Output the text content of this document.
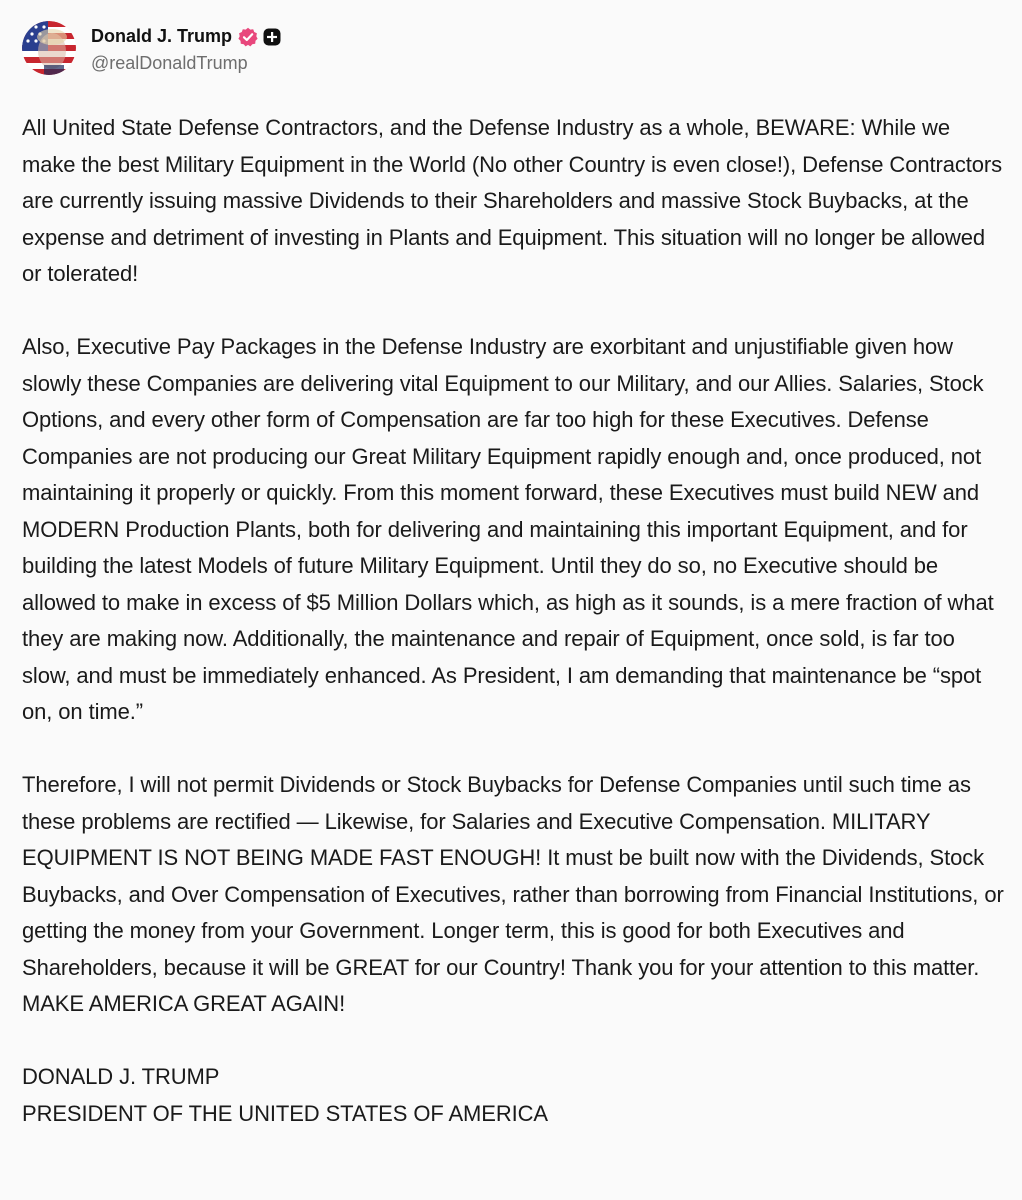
Donald J. Trump
@realDonaldTrump

All United State Defense Contractors, and the Defense Industry as a whole, BEWARE: While we make the best Military Equipment in the World (No other Country is even close!), Defense Contractors are currently issuing massive Dividends to their Shareholders and massive Stock Buybacks, at the expense and detriment of investing in Plants and Equipment. This situation will no longer be allowed or tolerated!

Also, Executive Pay Packages in the Defense Industry are exorbitant and unjustifiable given how slowly these Companies are delivering vital Equipment to our Military, and our Allies. Salaries, Stock Options, and every other form of Compensation are far too high for these Executives. Defense Companies are not producing our Great Military Equipment rapidly enough and, once produced, not maintaining it properly or quickly. From this moment forward, these Executives must build NEW and MODERN Production Plants, both for delivering and maintaining this important Equipment, and for building the latest Models of future Military Equipment. Until they do so, no Executive should be allowed to make in excess of $5 Million Dollars which, as high as it sounds, is a mere fraction of what they are making now. Additionally, the maintenance and repair of Equipment, once sold, is far too slow, and must be immediately enhanced. As President, I am demanding that maintenance be “spot on, on time.”

Therefore, I will not permit Dividends or Stock Buybacks for Defense Companies until such time as these problems are rectified — Likewise, for Salaries and Executive Compensation. MILITARY EQUIPMENT IS NOT BEING MADE FAST ENOUGH! It must be built now with the Dividends, Stock Buybacks, and Over Compensation of Executives, rather than borrowing from Financial Institutions, or getting the money from your Government. Longer term, this is good for both Executives and Shareholders, because it will be GREAT for our Country! Thank you for your attention to this matter. MAKE AMERICA GREAT AGAIN!

DONALD J. TRUMP
PRESIDENT OF THE UNITED STATES OF AMERICA
